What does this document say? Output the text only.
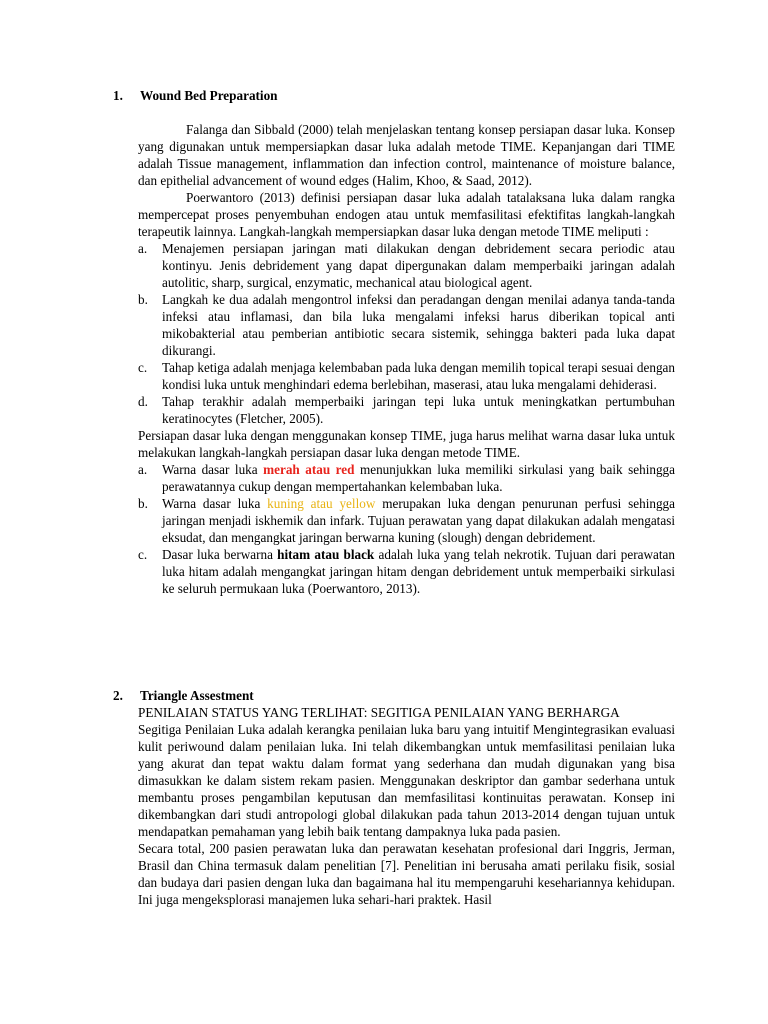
1. Wound Bed Preparation

Falanga dan Sibbald (2000) telah menjelaskan tentang konsep persiapan dasar luka. Konsep yang digunakan untuk mempersiapkan dasar luka adalah metode TIME. Kepanjangan dari TIME adalah Tissue management, inflammation dan infection control, maintenance of moisture balance, dan epithelial advancement of wound edges (Halim, Khoo, & Saad, 2012).

Poerwantoro (2013) definisi persiapan dasar luka adalah tatalaksana luka dalam rangka mempercepat proses penyembuhan endogen atau untuk memfasilitasi efektifitas langkah-langkah terapeutik lainnya. Langkah-langkah mempersiapkan dasar luka dengan metode TIME meliputi :

a. Menajemen persiapan jaringan mati dilakukan dengan debridement secara periodic atau kontinyu. Jenis debridement yang dapat dipergunakan dalam memperbaiki jaringan adalah autolitic, sharp, surgical, enzymatic, mechanical atau biological agent.
b. Langkah ke dua adalah mengontrol infeksi dan peradangan dengan menilai adanya tanda-tanda infeksi atau inflamasi, dan bila luka mengalami infeksi harus diberikan topical anti mikobakterial atau pemberian antibiotic secara sistemik, sehingga bakteri pada luka dapat dikurangi.
c. Tahap ketiga adalah menjaga kelembaban pada luka dengan memilih topical terapi sesuai dengan kondisi luka untuk menghindari edema berlebihan, maserasi, atau luka mengalami dehiderasi.
d. Tahap terakhir adalah memperbaiki jaringan tepi luka untuk meningkatkan pertumbuhan keratinocytes (Fletcher, 2005).

Persiapan dasar luka dengan menggunakan konsep TIME, juga harus melihat warna dasar luka untuk melakukan langkah-langkah persiapan dasar luka dengan metode TIME.

a. Warna dasar luka merah atau red menunjukkan luka memiliki sirkulasi yang baik sehingga perawatannya cukup dengan mempertahankan kelembaban luka.
b. Warna dasar luka kuning atau yellow merupakan luka dengan penurunan perfusi sehingga jaringan menjadi iskhemik dan infark. Tujuan perawatan yang dapat dilakukan adalah mengatasi eksudat, dan mengangkat jaringan berwarna kuning (slough) dengan debridement.
c. Dasar luka berwarna hitam atau black adalah luka yang telah nekrotik. Tujuan dari perawatan luka hitam adalah mengangkat jaringan hitam dengan debridement untuk memperbaiki sirkulasi ke seluruh permukaan luka (Poerwantoro, 2013).
2. Triangle Assestment

PENILAIAN STATUS YANG TERLIHAT: SEGITIGA PENILAIAN YANG BERHARGA

Segitiga Penilaian Luka adalah kerangka penilaian luka baru yang intuitif Mengintegrasikan evaluasi kulit periwound dalam penilaian luka. Ini telah dikembangkan untuk memfasilitasi penilaian luka yang akurat dan tepat waktu dalam format yang sederhana dan mudah digunakan yang bisa dimasukkan ke dalam sistem rekam pasien. Menggunakan deskriptor dan gambar sederhana untuk membantu proses pengambilan keputusan dan memfasilitasi kontinuitas perawatan. Konsep ini dikembangkan dari studi antropologi global dilakukan pada tahun 2013-2014 dengan tujuan untuk mendapatkan pemahaman yang lebih baik tentang dampaknya luka pada pasien.

Secara total, 200 pasien perawatan luka dan perawatan kesehatan profesional dari Inggris, Jerman, Brasil dan China termasuk dalam penelitian [7]. Penelitian ini berusaha amati perilaku fisik, sosial dan budaya dari pasien dengan luka dan bagaimana hal itu mempengaruhi kesehariannya kehidupan. Ini juga mengeksplorasi manajemen luka sehari-hari praktek. Hasil
